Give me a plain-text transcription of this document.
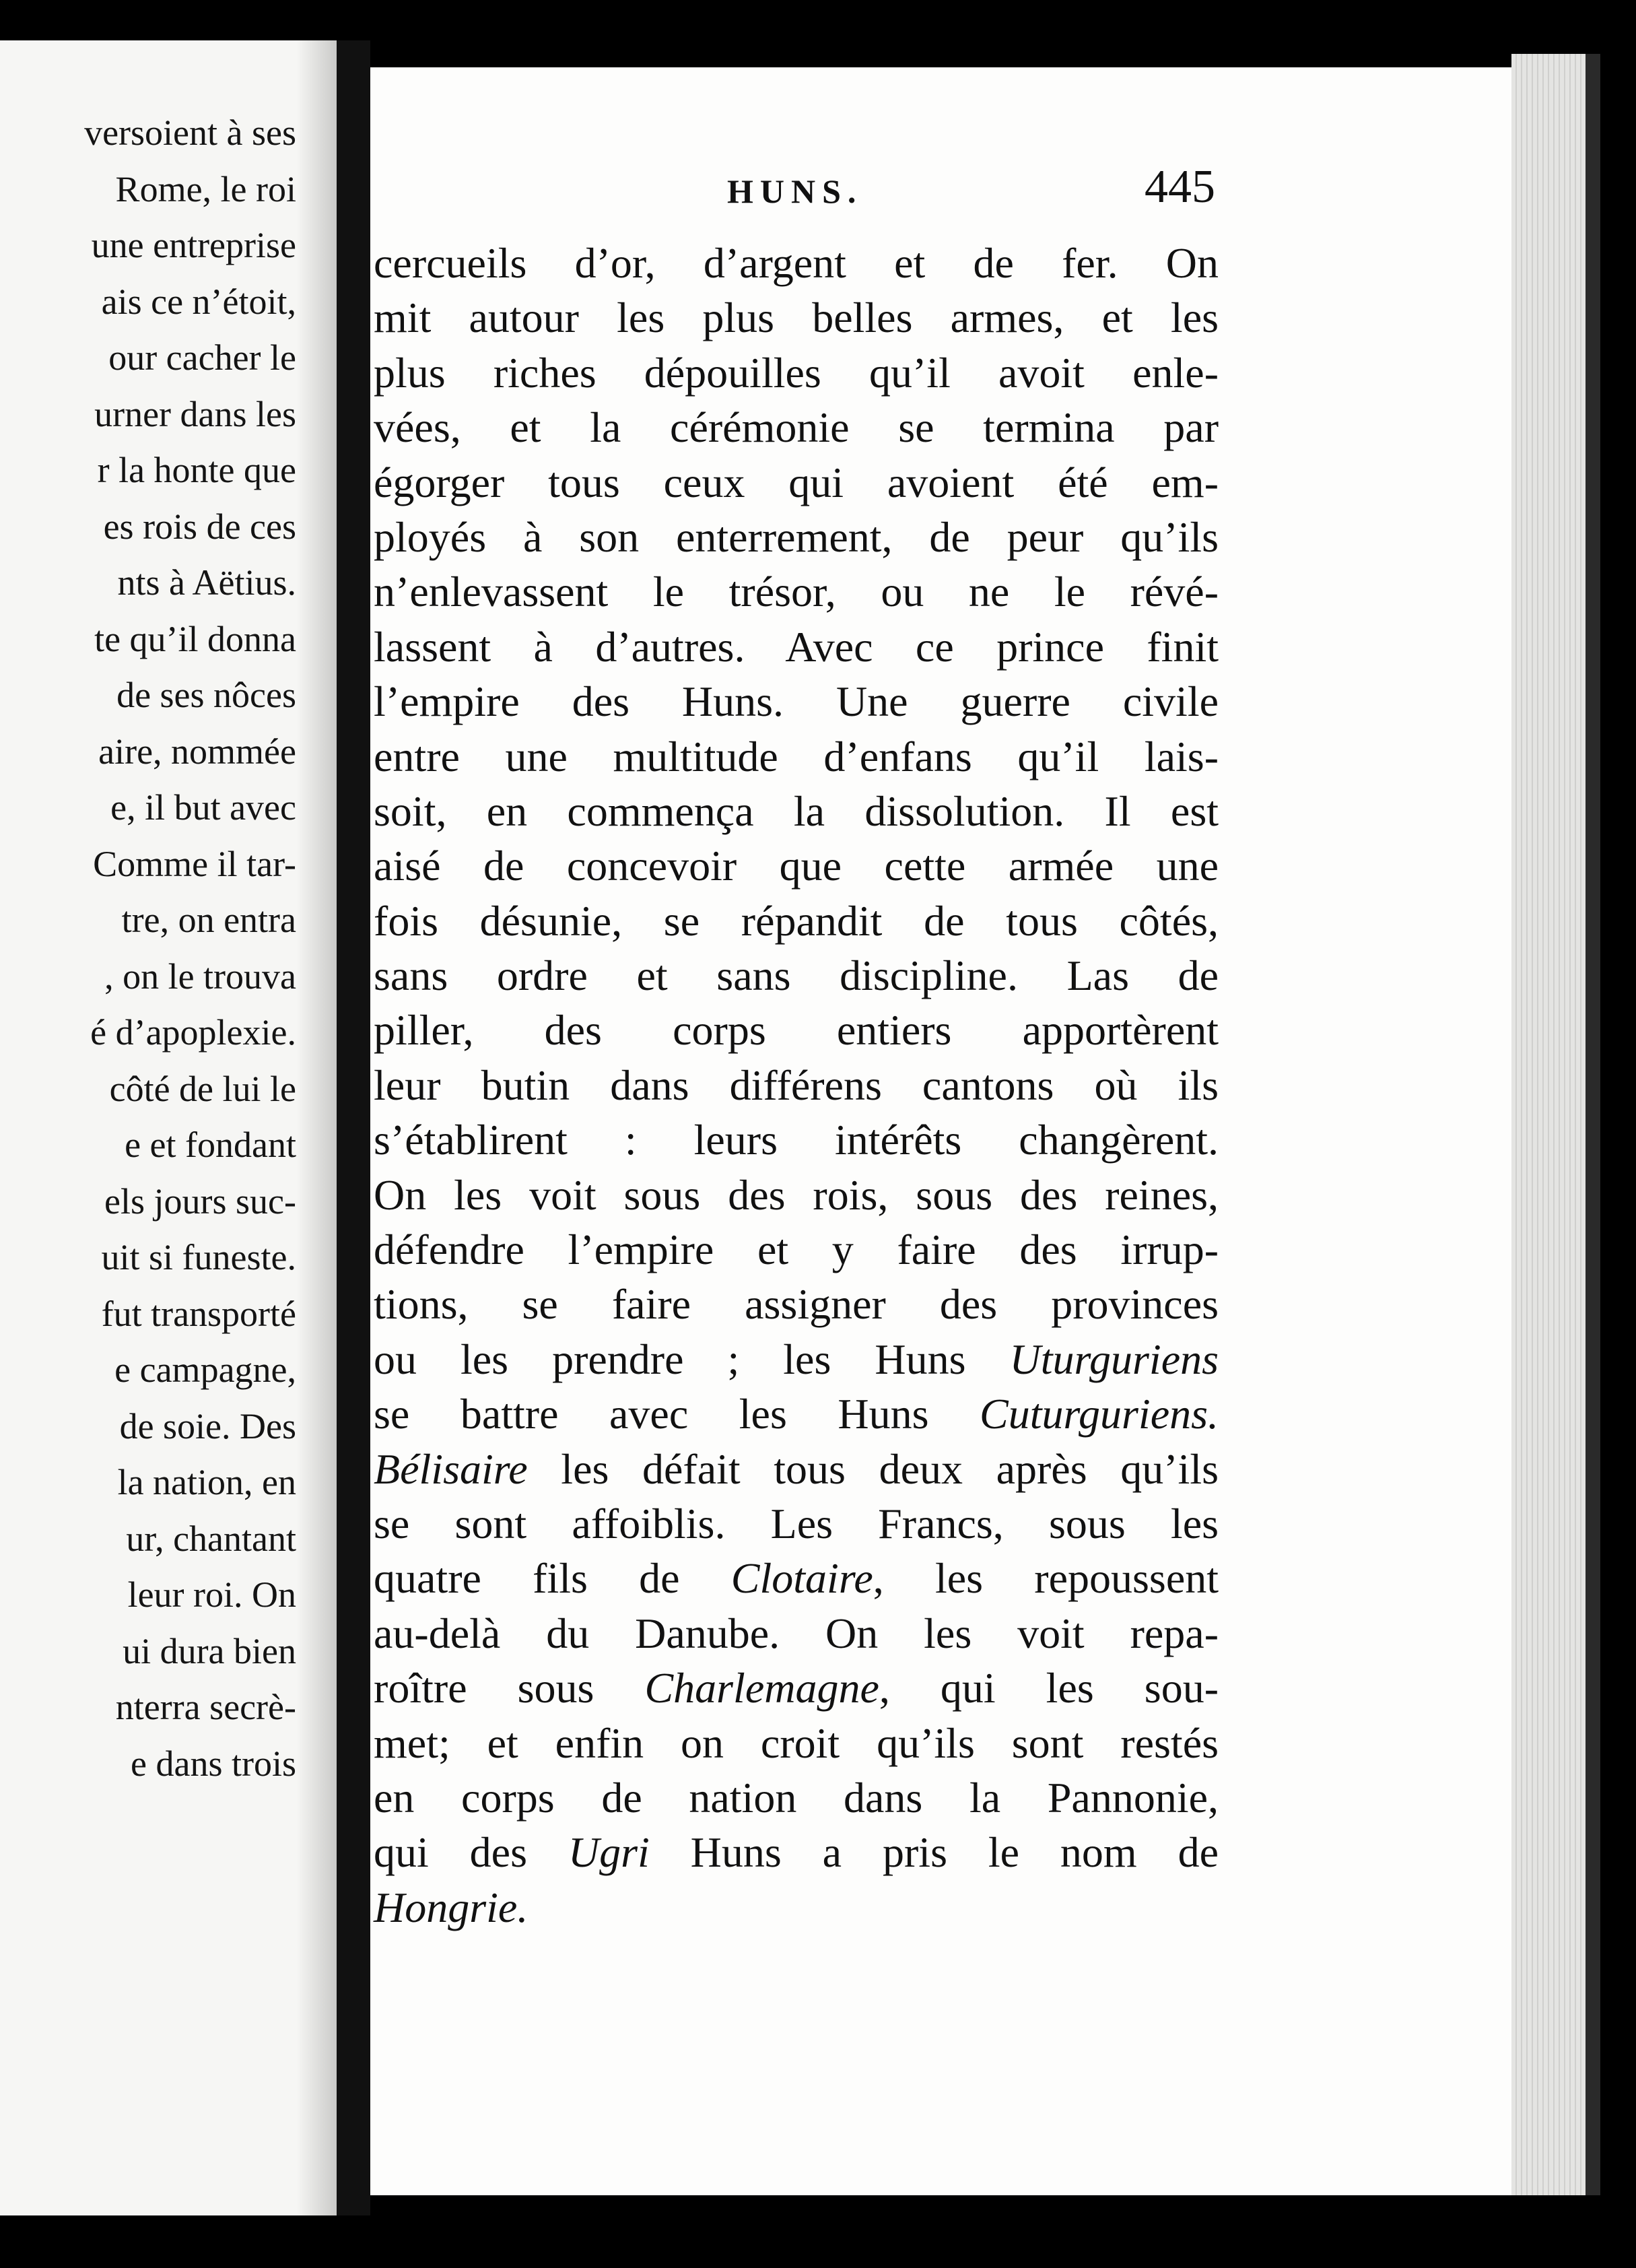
versoient à ses
Rome, le roi
une entreprise
ais ce n’étoit,
our cacher le
urner dans les
r la honte que
es rois de ces
nts à Aëtius.
te qu’il donna
de ses nôces
aire, nommée
e, il but avec
Comme il tar-
tre, on entra
, on le trouva
é d’apoplexie.
côté de lui le
e et fondant
els jours suc-
uit si funeste.
fut transporté
e campagne,
de soie. Des
la nation, en
ur, chantant
leur roi. On
ui dura bien
nterra secrè-
e dans trois
HUNS.	445
cercueils d’or, d’argent et de fer. On
mit autour les plus belles armes, et les
plus riches dépouilles qu’il avoit enle-
vées, et la cérémonie se termina par
égorger tous ceux qui avoient été em-
ployés à son enterrement, de peur qu’ils
n’enlevassent le trésor, ou ne le révé-
lassent à d’autres. Avec ce prince finit
l’empire des Huns. Une guerre civile
entre une multitude d’enfans qu’il lais-
soit, en commença la dissolution. Il est
aisé de concevoir que cette armée une
fois désunie, se répandit de tous côtés,
sans ordre et sans discipline. Las de
piller, des corps entiers apportèrent
leur butin dans différens cantons où ils
s’établirent : leurs intérêts changèrent.
On les voit sous des rois, sous des reines,
défendre l’empire et y faire des irrup-
tions, se faire assigner des provinces
ou les prendre ; les Huns Uturguriens
se battre avec les Huns Cuturguriens.
Bélisaire les défait tous deux après qu’ils
se sont affoiblis. Les Francs, sous les
quatre fils de Clotaire, les repoussent
au-delà du Danube. On les voit repa-
roître sous Charlemagne, qui les sou-
met; et enfin on croit qu’ils sont restés
en corps de nation dans la Pannonie,
qui des Ugri Huns a pris le nom de
Hongrie.
